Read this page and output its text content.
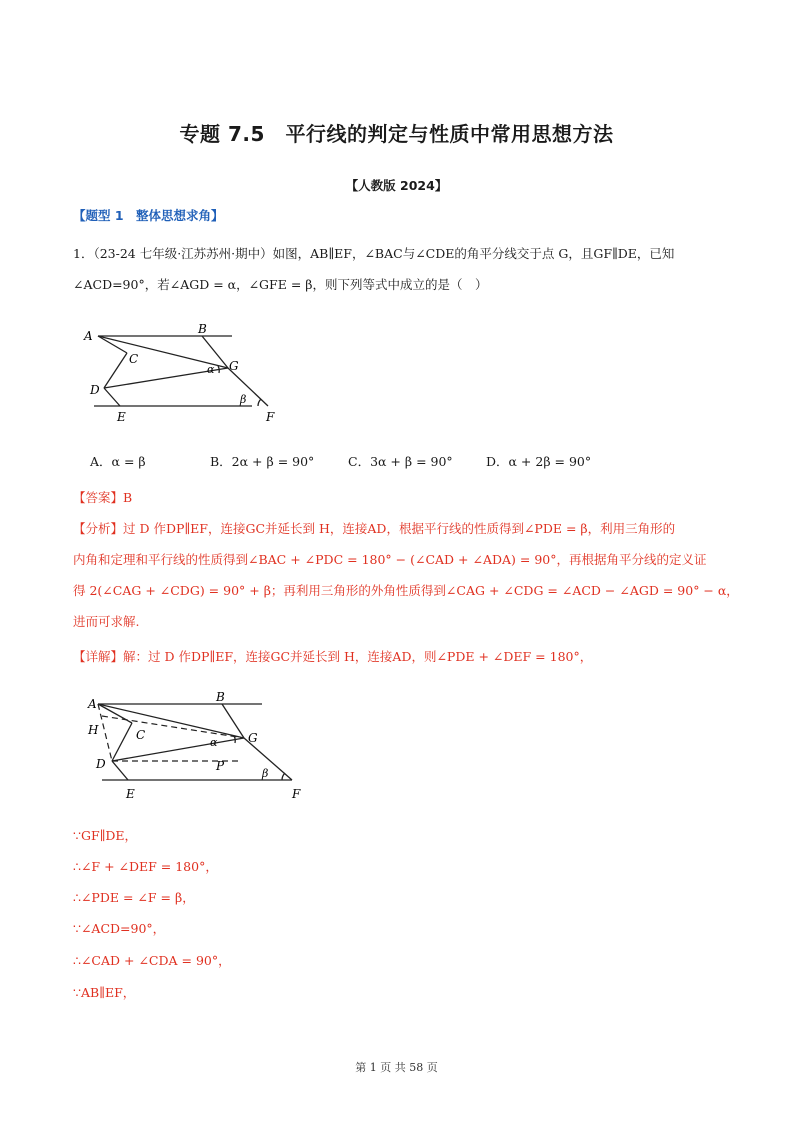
专题 7.5　平行线的判定与性质中常用思想方法
【人教版 2024】
【题型 1　整体思想求角】
1．（23-24 七年级·江苏苏州·期中）如图，AB∥EF，∠BAC与∠CDE的角平分线交于点 G，且GF∥DE，已知
∠ACD=90°，若∠AGD = α，∠GFE = β，则下列等式中成立的是（　）
A	B
C
D
E	F
G
α
β
A．α = β	B．2α + β = 90°	C．3α + β = 90°	D．α + 2β = 90°
【答案】B
【分析】过 D 作DP∥EF，连接GC并延长到 H，连接AD，根据平行线的性质得到∠PDE = β，利用三角形的
内角和定理和平行线的性质得到∠BAC + ∠PDC = 180° − (∠CAD + ∠ADA) = 90°，再根据角平分线的定义证
得 2(∠CAG + ∠CDG) = 90° + β；再利用三角形的外角性质得到∠CAG + ∠CDG = ∠ACD − ∠AGD = 90° − α，
进而可求解.
【详解】解：过 D 作DP∥EF，连接GC并延长到 H，连接AD，则∠PDE + ∠DEF = 180°，
A	B
C
D
E	F
G
H
P
α
β
∵GF∥DE，
∴∠F + ∠DEF = 180°，
∴∠PDE = ∠F = β，
∵∠ACD=90°，
∴∠CAD + ∠CDA = 90°，
∵AB∥EF，
第 1 页 共 58 页
